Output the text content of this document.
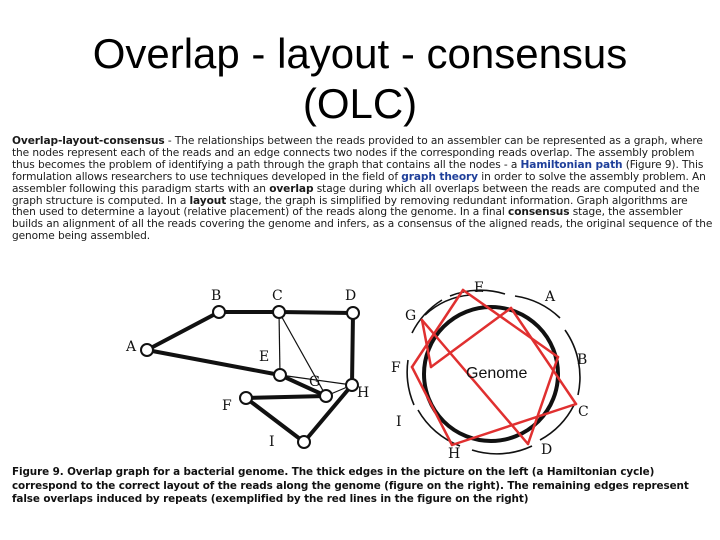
Overlap - layout - consensus
(OLC)
Overlap-layout-consensus - The relationships between the reads provided to an assembler can be represented as a graph, where the nodes represent each of the reads and an edge connects two nodes if the corresponding reads overlap. The assembly problem thus becomes the problem of identifying a path through the graph that contains all the nodes - a Hamiltonian path (Figure 9). This formulation allows researchers to use techniques developed in the field of graph theory in order to solve the assembly problem. An assembler following this paradigm starts with an overlap stage during which all overlaps between the reads are computed and the graph structure is computed. In a layout stage, the graph is simplified by removing redundant information. Graph algorithms are then used to determine a layout (relative placement) of the reads along the genome. In a final consensus stage, the assembler builds an alignment of all the reads covering the genome and infers, as a consensus of the aligned reads, the original sequence of the genome being assembled.
A
B	C	D
E
F
G
H
I
Genome
E
A
G
B
F
C
I
D
H
Figure 9. Overlap graph for a bacterial genome. The thick edges in the picture on the left (a Hamiltonian cycle) correspond to the correct layout of the reads along the genome (figure on the right). The remaining edges represent false overlaps induced by repeats (exemplified by the red lines in the figure on the right)
